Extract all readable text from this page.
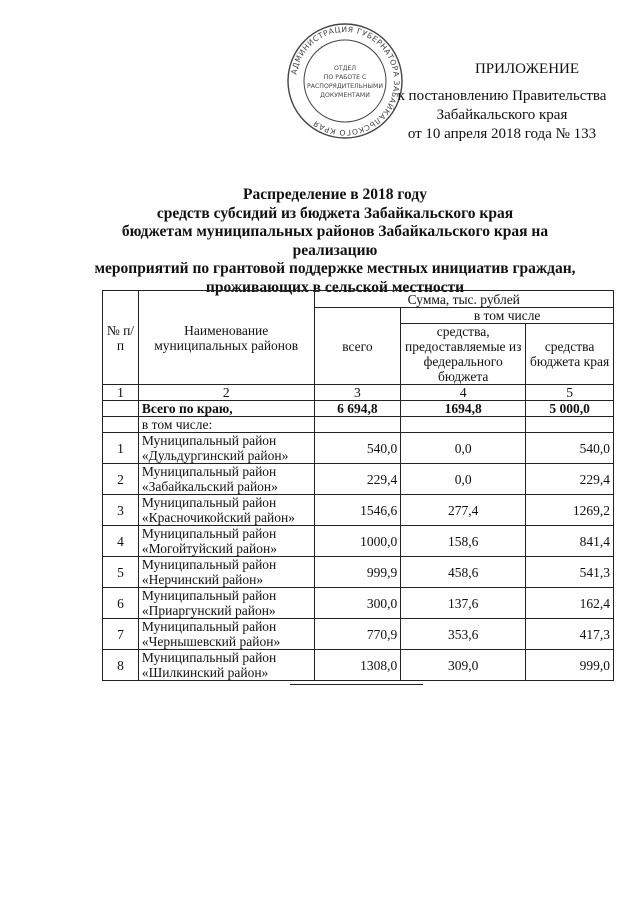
АДМИНИСТРАЦИЯ ГУБЕРНАТОРА ЗАБАЙКАЛЬСКОГО КРАЯ
ОТДЕЛ
ПО РАБОТЕ С
РАСПОРЯДИТЕЛЬНЫМИ
ДОКУМЕНТАМИ
ПРИЛОЖЕНИЕ
к постановлению Правительства
Забайкальского края
от 10 апреля 2018 года № 133
Распределение в 2018 году
средств субсидий из бюджета Забайкальского края
бюджетам муниципальных районов Забайкальского края на реализацию
мероприятий по грантовой поддержке местных инициатив граждан,
проживающих в сельской местности
№ п/п	Наименование муниципальных районов	Сумма, тыс. рублей		
		всего	в том числе	
			средства, предоставляемые из федерального бюджета	средства бюджета края
1	2	3	4	5
	Всего по краю,	6 694,8	1694,8	5 000,0
	в том числе:			
1	Муниципальный район
«Дульдургинский район»	540,0	0,0	540,0
2	Муниципальный район
«Забайкальский район»	229,4	0,0	229,4
3	Муниципальный район
«Красночикойский район»	1546,6	277,4	1269,2
4	Муниципальный район
«Могойтуйский район»	1000,0	158,6	841,4
5	Муниципальный район
«Нерчинский район»	999,9	458,6	541,3
6	Муниципальный район
«Приаргунский район»	300,0	137,6	162,4
7	Муниципальный район
«Чернышевский район»	770,9	353,6	417,3
8	Муниципальный район
«Шилкинский район»	1308,0	309,0	999,0
